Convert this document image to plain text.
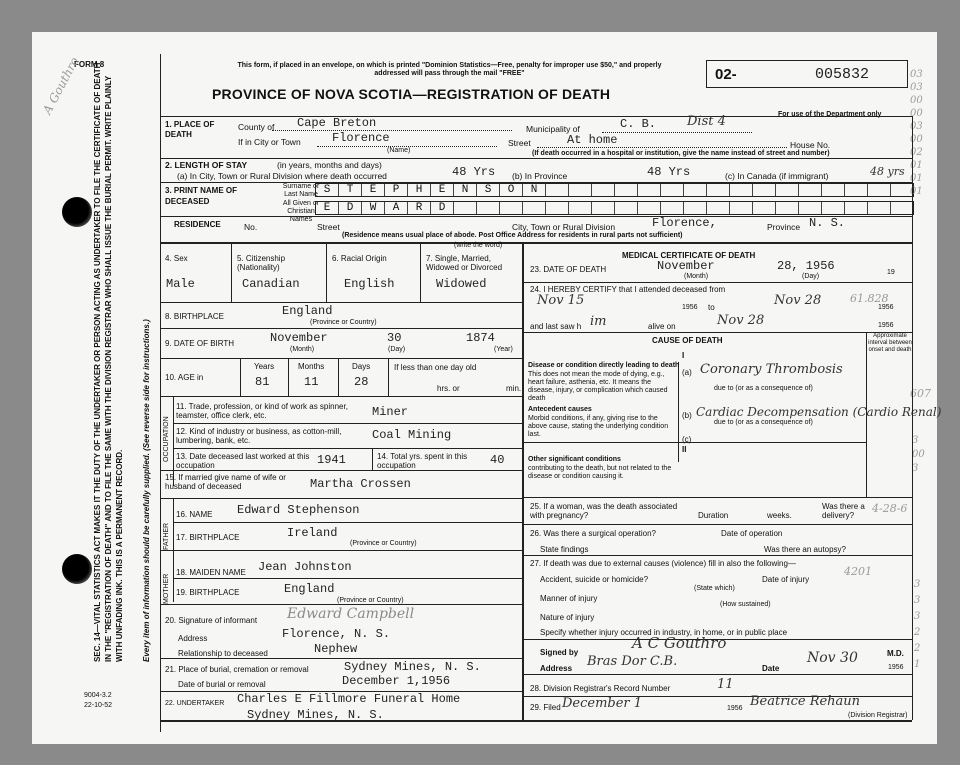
FORM 8
A Gouthro	This form, if placed in an envelope, on which is printed "Dominion Statistics—Free, penalty for improper use $50," and properly addressed will pass through the mail "FREE"
PROVINCE OF NOVA SCOTIA—REGISTRATION OF DEATH
02-	005832
For use of the Department only
SEC. 14—VITAL STATISTICS ACT MAKES IT THE DUTY OF THE UNDERTAKER OR PERSON ACTING AS UNDERTAKER TO FILE THE CERTIFICATE OF DEATH IN THE "REGISTRATION OF DEATH" AND TO FILE THE SAME WITH THE DIVISION REGISTRAR WHO SHALL ISSUE THE BURIAL PERMIT. WRITE PLAINLY WITH UNFADING INK. THIS IS A PERMANENT RECORD. Every item of information should be carefully supplied. (See reverse side for instructions.)
9004-3.2
22-10-52
1. PLACE OF DEATH
County of Cape Breton	Municipality of	C. B. Dist 4
If in City or Town	Florence
(Name)
Street	At home	House No.
(If death occurred in a hospital or institution, give the name instead of street and number)
2. LENGTH OF STAY	(in years, months and days)
(a) In City, Town or Rural Division where death occurred	48 Yrs (b) In Province	48 Yrs	(c) In Canada (if immigrant)	48 yrs
3. PRINT NAME OF DECEASED
Surname or Last Name S	T	E	P	H	E	N	S	O	N
All Given or Christian Names
E	D	W	A	R	D
RESIDENCE	No.	Street	City, Town or Rural Division	Florence,	Province N. S.
(Residence means usual place of abode. Post Office Address for residents in rural parts not sufficient)
4. Sex
Male
5. Citizenship (Nationality)
Canadian
6. Racial Origin
English
7. Single, Married, Widowed or Divorced
Widowed
(write the word)
8. BIRTHPLACE	England
(Province or Country)
9. DATE OF BIRTH	November	30	1874
(Month)	(Day)	(Year)
10. AGE in
Years	Months	Days
81	11	28
If less than one day old
hrs. or	min.
OCCUPATION
11. Trade, profession, or kind of work as spinner, teamster, office clerk, etc.	Miner
12. Kind of industry or business, as cotton-mill, lumbering, bank, etc.	Coal Mining
13. Date deceased last worked at this occupation	1941	14. Total yrs. spent in this occupation	40
15. If married give name of wife or husband of deceased	Martha Crossen
FATHER
MOTHER
16. NAME Edward Stephenson
17. BIRTHPLACE	Ireland
(Province or Country)
18. MAIDEN NAME Jean Johnston
19. BIRTHPLACE	England
(Province or Country)
20. Signature of informant Edward Campbell
Address	Florence, N. S.
Relationship to deceased	Nephew
21. Place of burial, cremation or removal	Sydney Mines, N. S.
Date of burial or removal	December 1,1956
22. UNDERTAKER Charles E Fillmore Funeral Home
Sydney Mines, N. S.
MEDICAL CERTIFICATE OF DEATH
23. DATE OF DEATH	November	28, 1956	19
(Month)	(Day)
24. I HEREBY CERTIFY that I attended deceased from
Nov 15	1956 to	Nov 28	1956
61.828
and last saw h im	alive on	Nov 28	1956
CAUSE OF DEATH	Approximate interval between onset and death
I
Disease or condition directly leading to death
This does not mean the mode of dying, e.g., heart failure, asthenia, etc. It means the disease, injury, or complication which caused death
(a) Coronary Thrombosis
due to (or as a consequence of)
Antecedent causes
Morbid conditions, if any, giving rise to the above cause, stating the underlying condition last.
(b) Cardiac Decompensation (Cardio Renal)
due to (or as a consequence of)
(c)
II
Other significant conditions
contributing to the death, but not related to the disease or condition causing it.
25. If a woman, was the death associated with pregnancy?	Duration	weeks.
Was there a delivery?
4-28-6
26. Was there a surgical operation?	Date of operation
State findings	Was there an autopsy?
27. If death was due to external causes (violence) fill in also the following—
Accident, suicide or homicide?
(State which)
Date of injury
4201
Manner of injury
(How sustained)
Nature of injury
Specify whether injury occurred in industry, in home, or in public place
Signed by
A C Gouthro
M.D.
Address Bras Dor C.B.	Date
Nov 30
1956
28. Division Registrar's Record Number	11
29. Filed December 1	1956 Beatrice Rehaun
(Division Registrar)
03
03
00
00
03
00
02
01
01
01
3
00
3
3
3
3
2
2
1
607
